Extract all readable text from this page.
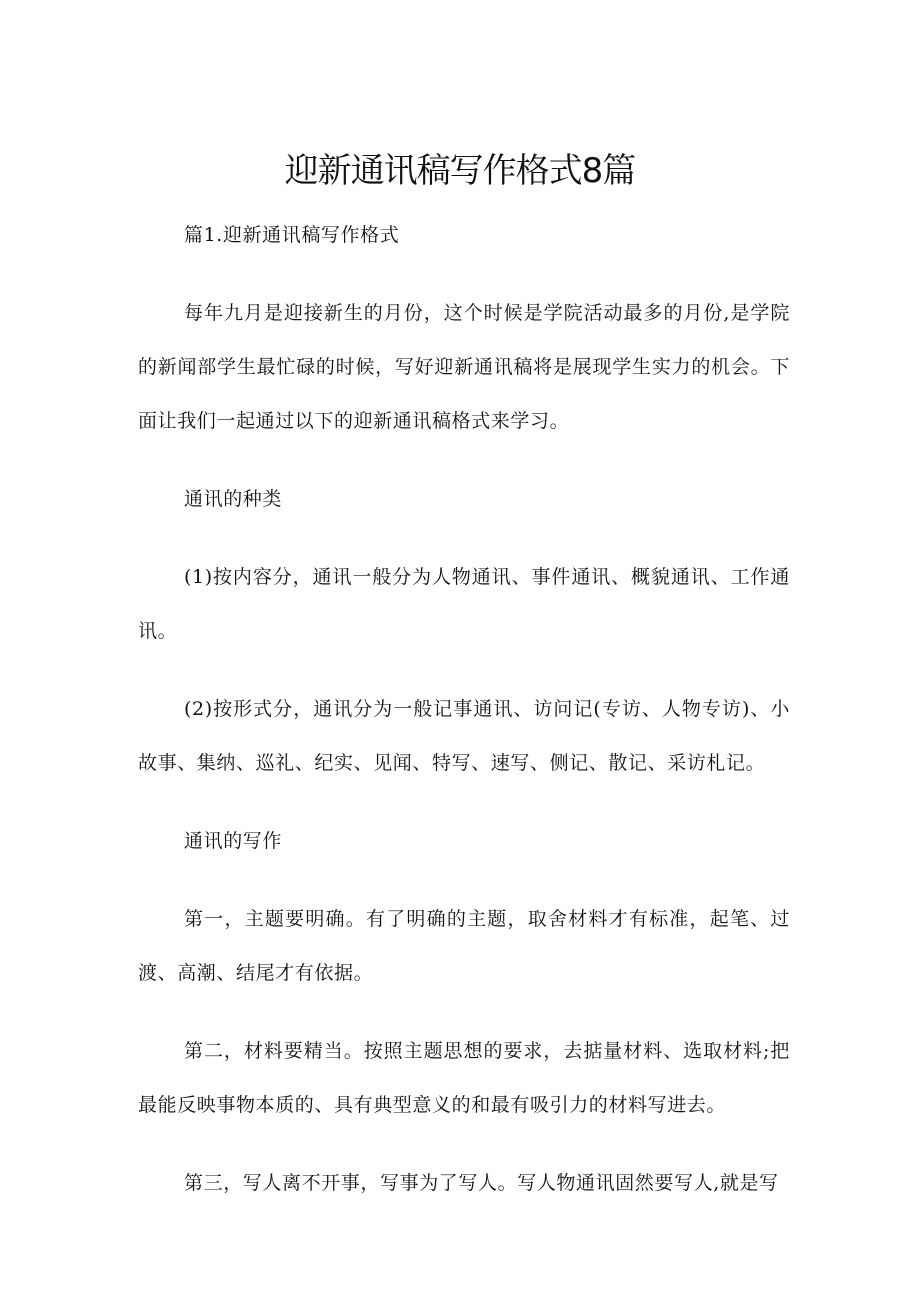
迎新通讯稿写作格式8篇

篇1.迎新通讯稿写作格式

每年九月是迎接新生的月份，这个时候是学院活动最多的月份,是学院的新闻部学生最忙碌的时候，写好迎新通讯稿将是展现学生实力的机会。下面让我们一起通过以下的迎新通讯稿格式来学习。

通讯的种类

(1)按内容分，通讯一般分为人物通讯、事件通讯、概貌通讯、工作通讯。

(2)按形式分，通讯分为一般记事通讯、访问记(专访、人物专访)、小故事、集纳、巡礼、纪实、见闻、特写、速写、侧记、散记、采访札记。

通讯的写作

第一，主题要明确。有了明确的主题，取舍材料才有标准，起笔、过渡、高潮、结尾才有依据。

第二，材料要精当。按照主题思想的要求，去掂量材料、选取材料;把最能反映事物本质的、具有典型意义的和最有吸引力的材料写进去。

第三，写人离不开事，写事为了写人。写人物通讯固然要写人,就是写
